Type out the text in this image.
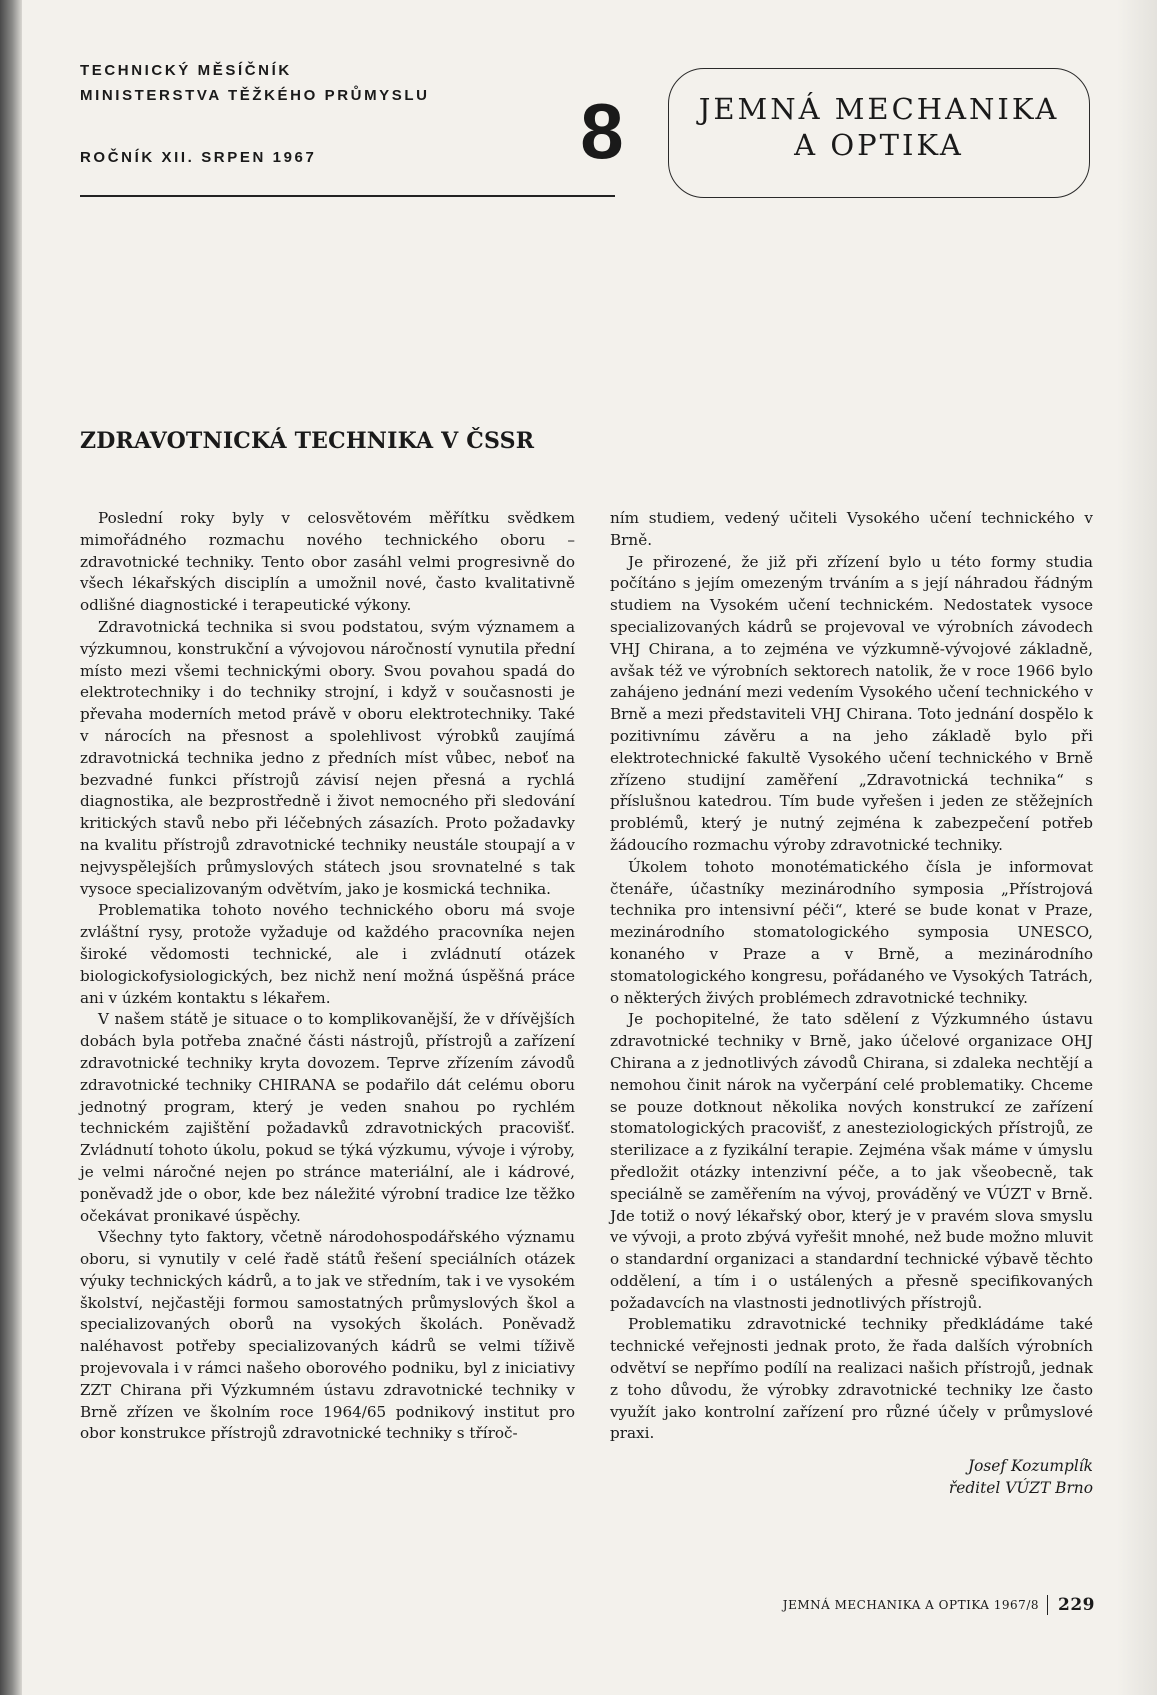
TECHNICKÝ MĚSÍČNÍK
MINISTERSTVA TĚŽKÉHO PRŮMYSLU
ROČNÍK XII. SRPEN 1967	8	JEMNÁ MECHANIKA
A OPTIKA
ZDRAVOTNICKÁ TECHNIKA V ČSSR

Poslední roky byly v celosvětovém měřítku svědkem mimořádného rozmachu nového technického oboru – zdravotnické techniky. Tento obor zasáhl velmi progresivně do všech lékařských disciplín a umožnil nové, často kvalitativně odlišné diagnostické i terapeutické výkony.

Zdravotnická technika si svou podstatou, svým významem a výzkumnou, konstrukční a vývojovou náročností vynutila přední místo mezi všemi technickými obory. Svou povahou spadá do elektrotechniky i do techniky strojní, i když v současnosti je převaha moderních metod právě v oboru elektrotechniky. Také v nárocích na přesnost a spolehlivost výrobků zaujímá zdravotnická technika jedno z předních míst vůbec, neboť na bezvadné funkci přístrojů závisí nejen přesná a rychlá diagnostika, ale bezprostředně i život nemocného při sledování kritických stavů nebo při léčebných zásazích. Proto požadavky na kvalitu přístrojů zdravotnické techniky neustále stoupají a v nejvyspělejších průmyslových státech jsou srovnatelné s tak vysoce specializovaným odvětvím, jako je kosmická technika.

Problematika tohoto nového technického oboru má svoje zvláštní rysy, protože vyžaduje od každého pracovníka nejen široké vědomosti technické, ale i zvládnutí otázek biologickofysiologických, bez nichž není možná úspěšná práce ani v úzkém kontaktu s lékařem.

V našem státě je situace o to komplikovanější, že v dřívějších dobách byla potřeba značné části nástrojů, přístrojů a zařízení zdravotnické techniky kryta dovozem. Teprve zřízením závodů zdravotnické techniky CHIRANA se podařilo dát celému oboru jednotný program, který je veden snahou po rychlém technickém zajištění požadavků zdravotnických pracovišť. Zvládnutí tohoto úkolu, pokud se týká výzkumu, vývoje i výroby, je velmi náročné nejen po stránce materiální, ale i kádrové, poněvadž jde o obor, kde bez náležité výrobní tradice lze těžko očekávat pronikavé úspěchy.

Všechny tyto faktory, včetně národohospodářského významu oboru, si vynutily v celé řadě států řešení speciálních otázek výuky technických kádrů, a to jak ve středním, tak i ve vysokém školství, nejčastěji formou samostatných průmyslových škol a specializovaných oborů na vysokých školách. Poněvadž naléhavost potřeby specializovaných kádrů se velmi tíživě projevovala i v rámci našeho oborového podniku, byl z iniciativy ZZT Chirana při Výzkumném ústavu zdravotnické techniky v Brně zřízen ve školním roce 1964/65 podnikový institut pro obor konstrukce přístrojů zdravotnické techniky s tříroč-

ním studiem, vedený učiteli Vysokého učení technického v Brně.

Je přirozené, že již při zřízení bylo u této formy studia počítáno s jejím omezeným trváním a s její náhradou řádným studiem na Vysokém učení technickém. Nedostatek vysoce specializovaných kádrů se projevoval ve výrobních závodech VHJ Chirana, a to zejména ve výzkumně-vývojové základně, avšak též ve výrobních sektorech natolik, že v roce 1966 bylo zahájeno jednání mezi vedením Vysokého učení technického v Brně a mezi představiteli VHJ Chirana. Toto jednání dospělo k pozitivnímu závěru a na jeho základě bylo při elektrotechnické fakultě Vysokého učení technického v Brně zřízeno studijní zaměření „Zdravotnická technika“ s příslušnou katedrou. Tím bude vyřešen i jeden ze stěžejních problémů, který je nutný zejména k zabezpečení potřeb žádoucího rozmachu výroby zdravotnické techniky.

Úkolem tohoto monotématického čísla je informovat čtenáře, účastníky mezinárodního symposia „Přístrojová technika pro intensivní péči“, které se bude konat v Praze, mezinárodního stomatologického symposia UNESCO, konaného v Praze a v Brně, a mezinárodního stomatologického kongresu, pořádaného ve Vysokých Tatrách, o některých živých problémech zdravotnické techniky.

Je pochopitelné, že tato sdělení z Výzkumného ústavu zdravotnické techniky v Brně, jako účelové organizace OHJ Chirana a z jednotlivých závodů Chirana, si zdaleka nechtějí a nemohou činit nárok na vyčerpání celé problematiky. Chceme se pouze dotknout několika nových konstrukcí ze zařízení stomatologických pracovišť, z anesteziologických přístrojů, ze sterilizace a z fyzikální terapie. Zejména však máme v úmyslu předložit otázky intenzivní péče, a to jak všeobecně, tak speciálně se zaměřením na vývoj, prováděný ve VÚZT v Brně. Jde totiž o nový lékařský obor, který je v pravém slova smyslu ve vývoji, a proto zbývá vyřešit mnohé, než bude možno mluvit o standardní organizaci a standardní technické výbavě těchto oddělení, a tím i o ustálených a přesně specifikovaných požadavcích na vlastnosti jednotlivých přístrojů.

Problematiku zdravotnické techniky předkládáme také technické veřejnosti jednak proto, že řada dalších výrobních odvětví se nepřímo podílí na realizaci našich přístrojů, jednak z toho důvodu, že výrobky zdravotnické techniky lze často využít jako kontrolní zařízení pro různé účely v průmyslové praxi.

Josef Kozumplík
ředitel VÚZT Brno
JEMNÁ MECHANIKA A OPTIKA 1967/8 229
